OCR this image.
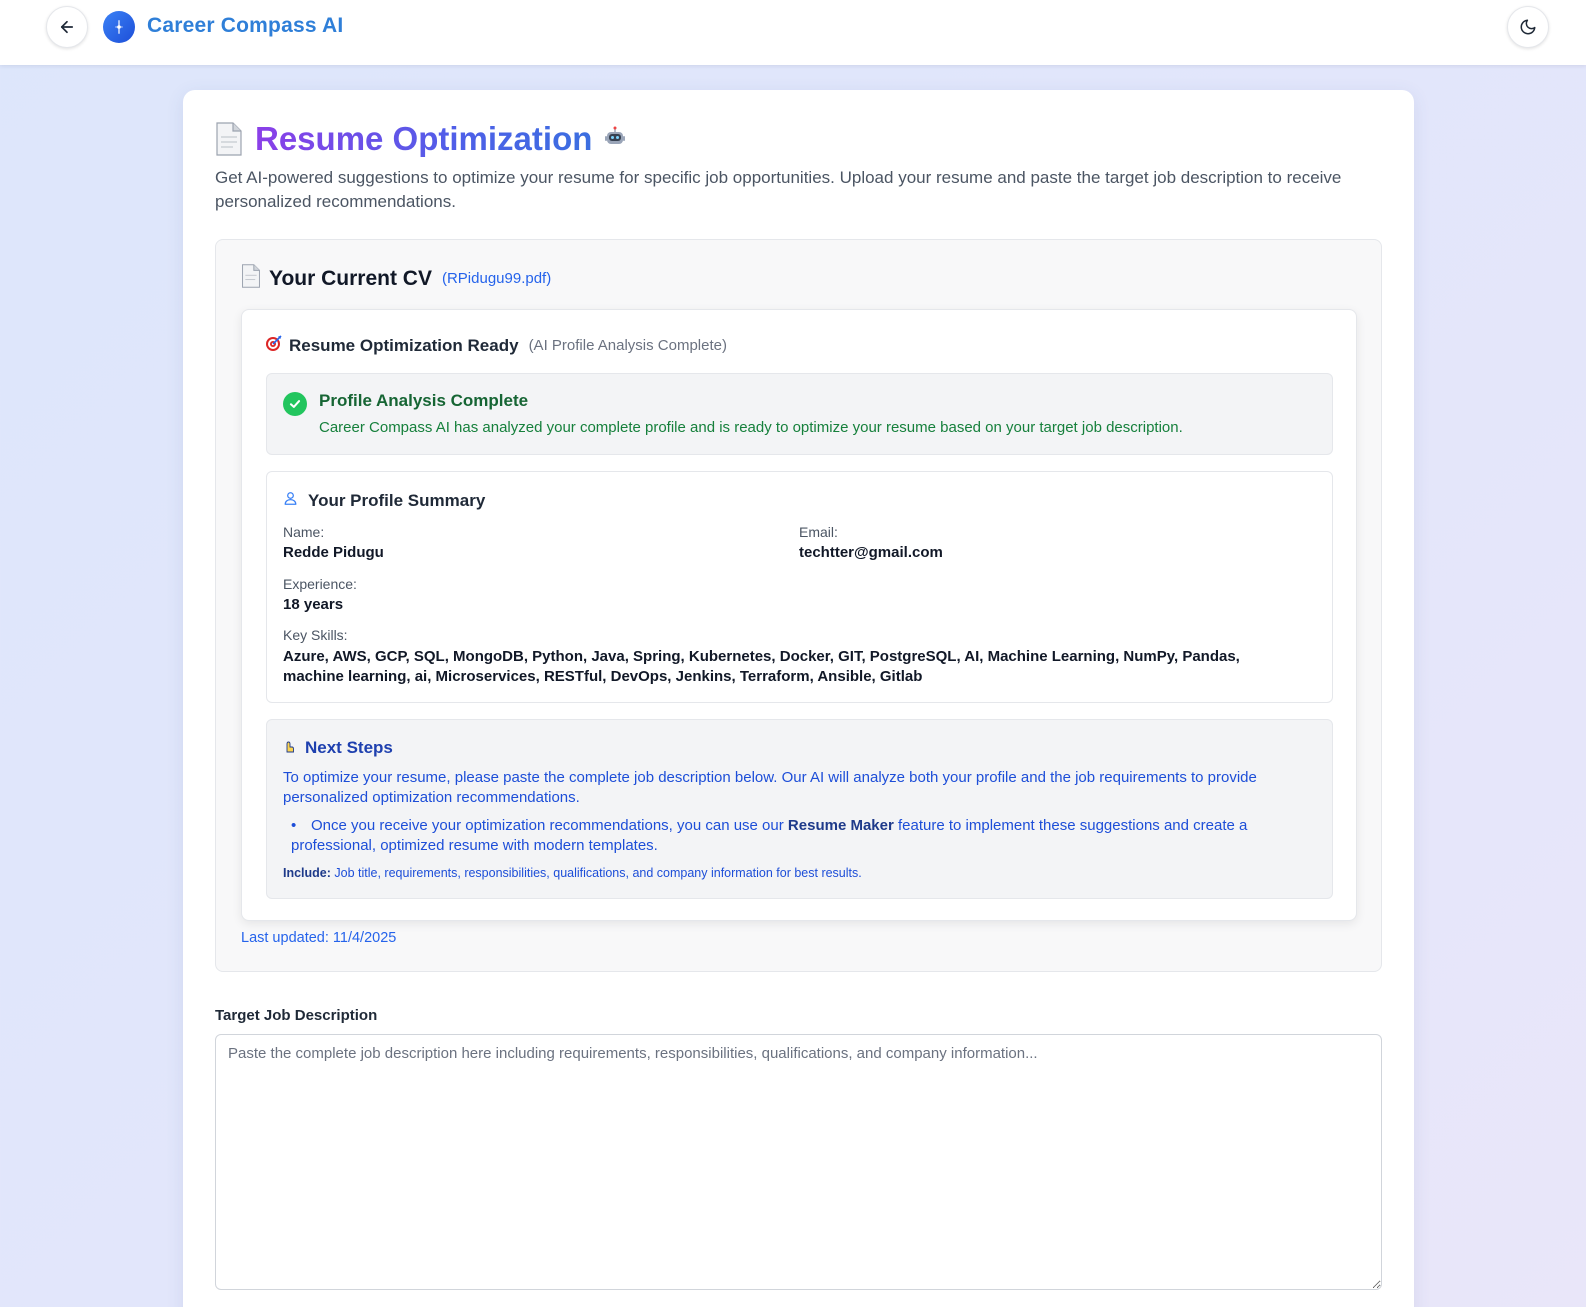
Career Compass AI
Resume Optimization

Get AI-powered suggestions to optimize your resume for specific job opportunities. Upload your resume and paste the target job description to receive personalized recommendations.

Your Current CV (RPidugu99.pdf)
Resume Optimization Ready (AI Profile Analysis Complete)
Profile Analysis Complete
Career Compass AI has analyzed your complete profile and is ready to optimize your resume based on your target job description.
Your Profile Summary
Name:
Redde Pidugu
Email:
techtter@gmail.com
Experience:
18 years
Key Skills:
Azure, AWS, GCP, SQL, MongoDB, Python, Java, Spring, Kubernetes, Docker, GIT, PostgreSQL, AI, Machine Learning, NumPy, Pandas, machine learning, ai, Microservices, RESTful, DevOps, Jenkins, Terraform, Ansible, Gitlab
Next Steps

To optimize your resume, please paste the complete job description below. Our AI will analyze both your profile and the job requirements to provide personalized optimization recommendations.

• Once you receive your optimization recommendations, you can use our Resume Maker feature to implement these suggestions and create a professional, optimized resume with modern templates.

Include: Job title, requirements, responsibilities, qualifications, and company information for best results.

Last updated: 11/4/2025
Target Job Description
Paste the complete job description here including requirements, responsibilities, qualifications, and company information...
